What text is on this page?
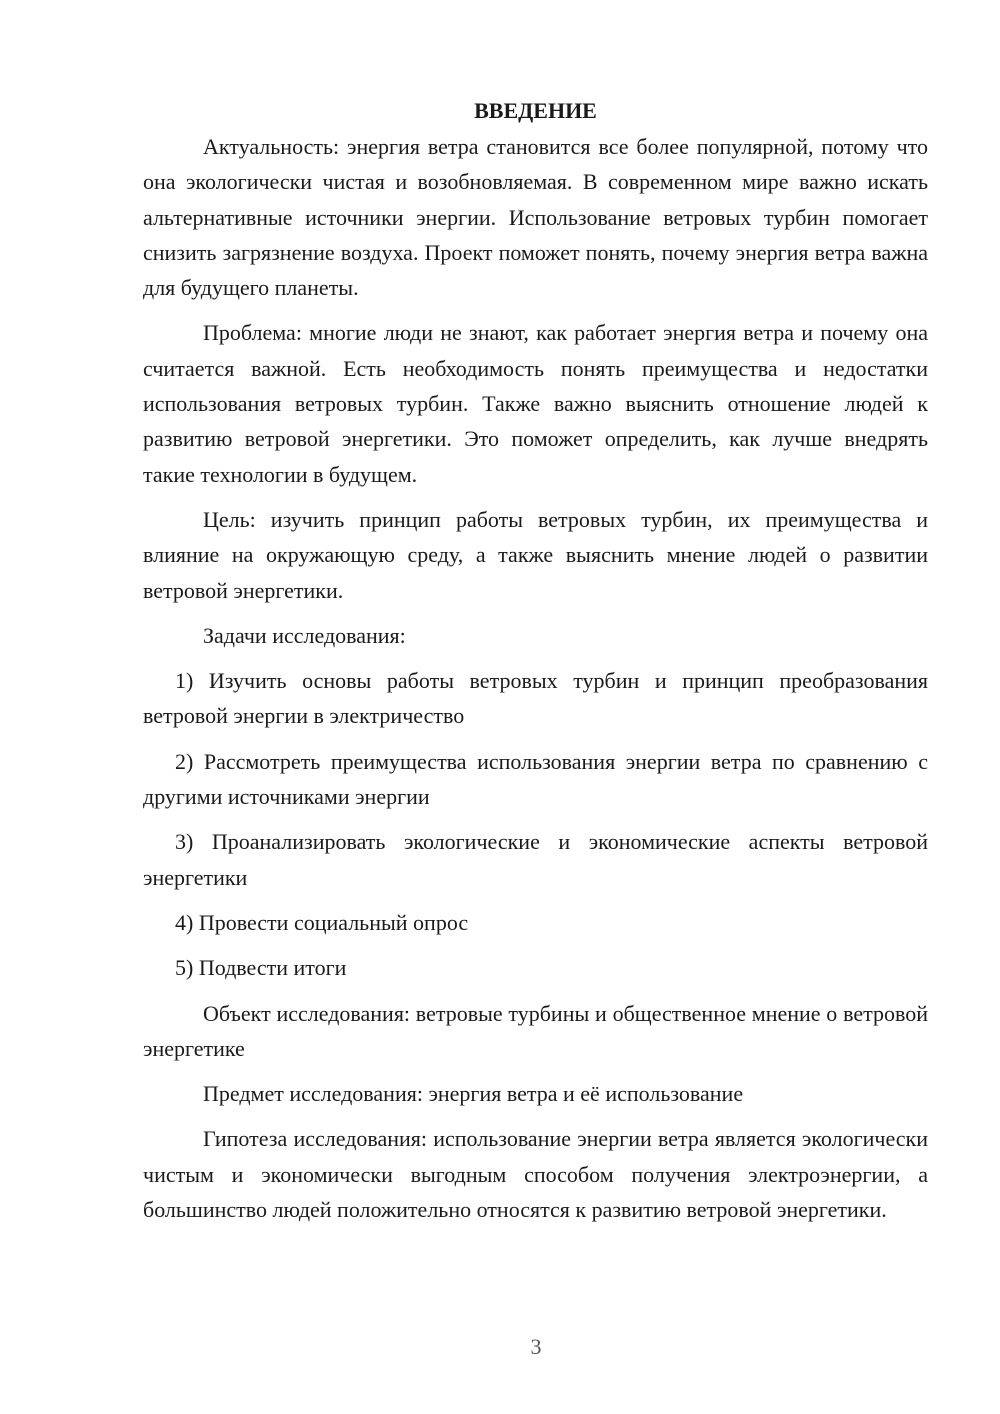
ВВЕДЕНИЕ

Актуальность: энергия ветра становится все более популярной, потому что она экологически чистая и возобновляемая. В современном мире важно искать альтернативные источники энергии. Использование ветровых турбин помогает снизить загрязнение воздуха. Проект поможет понять, почему энергия ветра важна для будущего планеты.

Проблема: многие люди не знают, как работает энергия ветра и почему она считается важной. Есть необходимость понять преимущества и недостатки использования ветровых турбин. Также важно выяснить отношение людей к развитию ветровой энергетики. Это поможет определить, как лучше внедрять такие технологии в будущем.

Цель: изучить принцип работы ветровых турбин, их преимущества и влияние на окружающую среду, а также выяснить мнение людей о развитии ветровой энергетики.

Задачи исследования:

1) Изучить основы работы ветровых турбин и принцип преобразования ветровой энергии в электричество

2) Рассмотреть преимущества использования энергии ветра по сравнению с другими источниками энергии

3) Проанализировать экологические и экономические аспекты ветровой энергетики

4) Провести социальный опрос

5) Подвести итоги

Объект исследования: ветровые турбины и общественное мнение о ветровой энергетике

Предмет исследования: энергия ветра и её использование

Гипотеза исследования: использование энергии ветра является экологически чистым и экономически выгодным способом получения электроэнергии, а большинство людей положительно относятся к развитию ветровой энергетики.

3
